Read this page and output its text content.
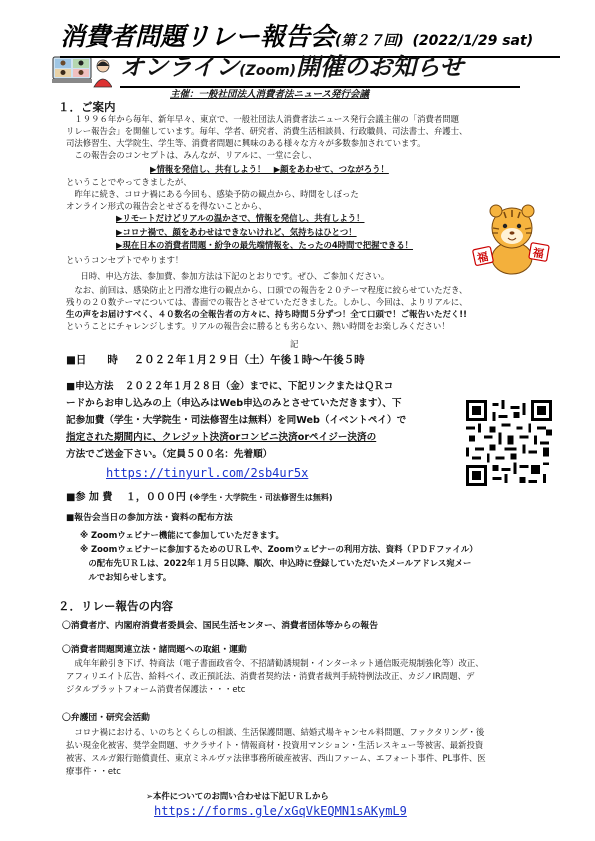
消費者問題リレー報告会(第２７回) (2022/1/29 sat)
オンライン(Zoom)開催のお知らせ
主催：一般社団法人消費者法ニュース発行会議
１．ご案内
　１９９６年から毎年、新年早々、東京で、一般社団法人消費者法ニュース発行会議主催の「消費者問題
リレー報告会」を開催しています。毎年、学者、研究者、消費生活相談員、行政職員、司法書士、弁護士、
司法修習生、大学院生、学生等、消費者問題に興味のある様々な方々が多数参加されています。
　この報告会のコンセプトは、みんなが、リアルに、一堂に会し、
▶情報を発信し、共有しよう！　▶顔をあわせて、つながろう！
ということでやってきましたが、
　昨年に続き、コロナ禍にある今回も、感染予防の観点から、時間をしぼった
オンライン形式の報告会とせざるを得ないことから、
▶リモートだけどリアルの温かさで、情報を発信し、共有しよう！
▶コロナ禍で、顔をあわせはできないけれど、気持ちはひとつ！
▶現在日本の消費者問題・紛争の最先端情報を、たったの4時間で把握できる！
というコンセプトでやります！	福	福
　日時、申込方法、参加費、参加方法は下記のとおりです。ぜひ、ご参加ください。
　なお、前回は、感染防止と円滑な進行の観点から、口頭での報告を２０テーマ程度に絞らせていただき、
残りの２０数テーマについては、書面での報告とさせていただきました。しかし、今回は、よりリアルに、
生の声をお届けすべく、４０数名の全報告者の方々に、持ち時間５分ずつ！全て口頭で！ご報告いただく!!
ということにチャレンジします。リアルの報告会に勝るとも劣らない、熱い時間をお楽しみください！
記
■日　　時 ２０２２年１月２９日（土）午後１時～午後５時
■申込方法 ２０２２年１月２８日（金）までに、下記リンクまたはＱＲコ
ードからお申し込みの上（申込みはWeb申込のみとさせていただきます）、下
記参加費（学生・大学院生・司法修習生は無料）を同Web（イベントペイ）で
指定された期間内に、クレジット決済orコンビニ決済orペイジー決済の
方法でご送金下さい。（定員５００名：先着順）
https://tinyurl.com/2sb4ur5x
■参 加 費 １，０００円 (※学生・大学院生・司法修習生は無料)
■報告会当日の参加方法・資料の配布方法
※ Zoomウェビナー機能にて参加していただきます。
※ Zoomウェビナーに参加するためのＵＲＬや、Zoomウェビナーの利用方法、資料（ＰＤＦファイル）
　の配布先ＵＲＬは、2022年１月５日以降、順次、申込時に登録していただいたメールアドレス宛メー
　ルでお知らせします。
２．リレー報告の内容
〇消費者庁、内閣府消費者委員会、国民生活センター、消費者団体等からの報告
〇消費者問題関連立法・諸問題への取組・運動
　成年年齢引き下げ、特商法（電子書面政省令、不招請勧誘規制・インターネット通信販売規制強化等）改正、
アフィリエイト広告、給料ペイ、改正預託法、消費者契約法・消費者裁判手続特例法改正、カジノIR問題、デ
ジタルプラットフォーム消費者保護法・・・etc
〇弁護団・研究会活動
　コロナ禍における、いのちとくらしの相談、生活保護問題、結婚式場キャンセル料問題、ファクタリング・後
払い現金化被害、奨学金問題、サクラサイト・情報商材・投資用マンション・生活レスキュー等被害、最新投資
被害、スルガ銀行賠償責任、東京ミネルヴァ法律事務所破産被害、西山ファーム、エフォート事件、PL事件、医
療事件・・etc
➢本件についてのお問い合わせは下記ＵＲＬから
https://forms.gle/xGqVkEQMN1sAKymL9
